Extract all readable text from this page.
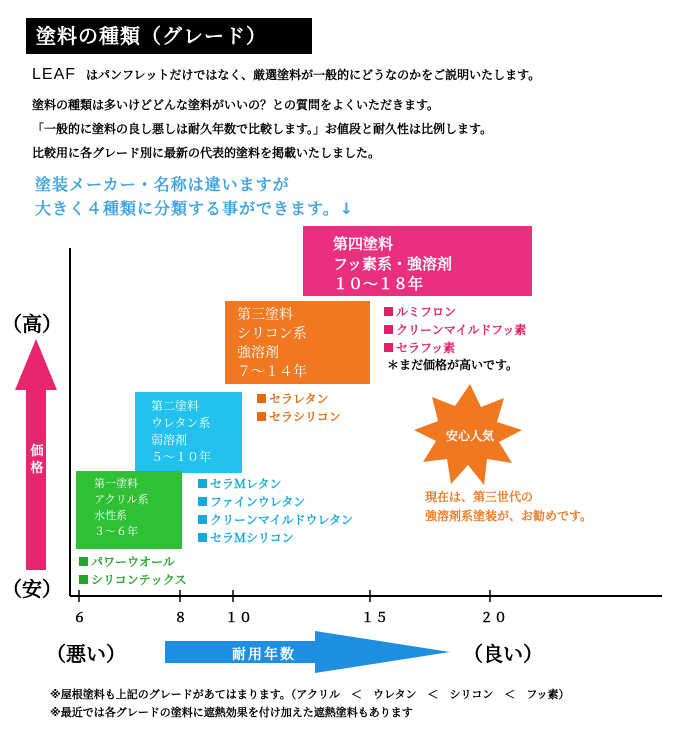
塗料の種類（グレード）
LEAF はパンフレットだけではなく、厳選塗料が一般的にどうなのかをご説明いたします。
塗料の種類は多いけどどんな塗料がいいの？との質問をよくいただきます。
「一般的に塗料の良し悪しは耐久年数で比較します。」お値段と耐久性は比例します。
比較用に各グレード別に最新の代表的塗料を掲載いたしました。
塗装メーカー・名称は違いますが
大きく４種類に分類する事ができます。↓
安心人気
第四塗料
フッ素系・強溶剤
１０～１８年
第三塗料
シリコン系
強溶剤
７～１４年
第二塗料
ウレタン系
弱溶剤
５～１０年
第一塗料
アクリル系
水性系
３～６年
ルミフロン
クリーンマイルドフッ素
セラフッ素
＊まだ価格が高いです。
セラレタン
セラシリコン
セラＭレタン
ファインウレタン
クリーンマイルドウレタン
セラＭシリコン
パワーウオール
シリコンテックス
現在は、第三世代の
強溶剤系塗装が、お勧めです。
（高）
（安）
価格
６	８	１０	１５	２０
（悪い）	（良い）
耐用年数
※屋根塗料も上記のグレードがあてはまります。（アクリル　＜　ウレタン　＜　シリコン　＜　フッ素）
※最近では各グレードの塗料に遮熱効果を付け加えた遮熱塗料もあります
